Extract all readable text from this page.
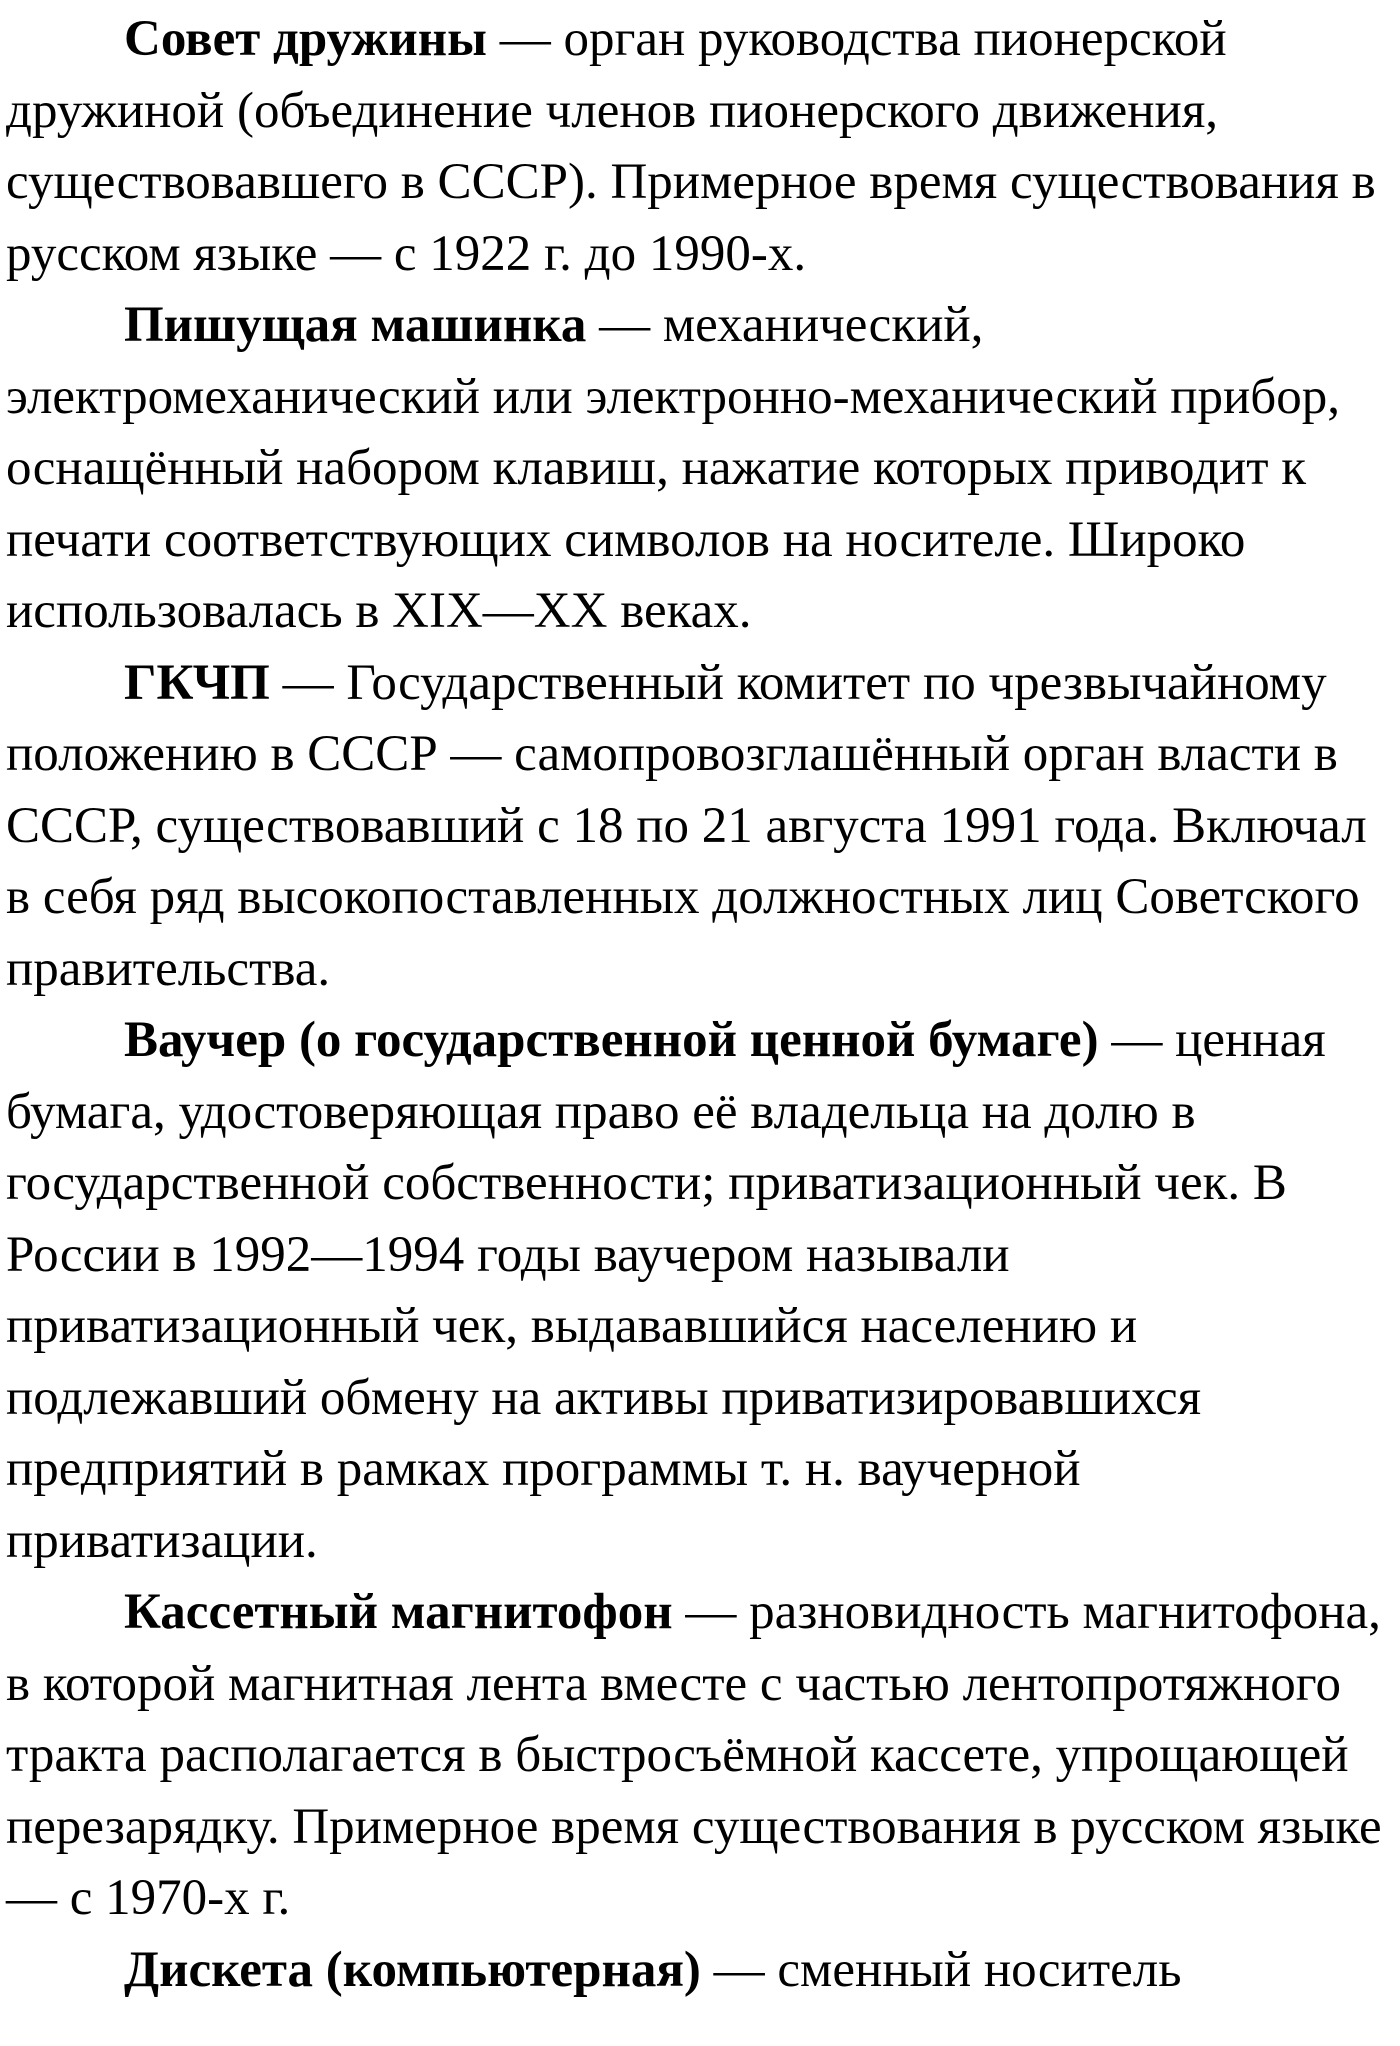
Совет дружины — орган руководства пионерской дружиной (объединение членов пионерского движения, существовавшего в СССР). Примерное время существования в русском языке — с 1922 г. до 1990-х.

Пишущая машинка — механический, электромеханический или электронно-механический прибор, оснащённый набором клавиш, нажатие которых приводит к печати соответствующих символов на носителе. Широко использовалась в XIX—XX веках.

ГКЧП — Государственный комитет по чрезвычайному положению в СССР — самопровозглашённый орган власти в СССР, существовавший с 18 по 21 августа 1991 года. Включал в себя ряд высокопоставленных должностных лиц Советского правительства.

Ваучер (о государственной ценной бумаге) — ценная бумага, удостоверяющая право её владельца на долю в государственной собственности; приватизационный чек. В России в 1992—1994 годы ваучером называли приватизационный чек, выдававшийся населению и подлежавший обмену на активы приватизировавшихся предприятий в рамках программы т. н. ваучерной приватизации.

Кассетный магнитофон — разновидность магнитофона, в которой магнитная лента вместе с частью лентопротяжного тракта располагается в быстросъёмной кассете, упрощающей перезарядку. Примерное время существования в русском языке — с 1970-х г.

Дискета (компьютерная) — сменный носитель
